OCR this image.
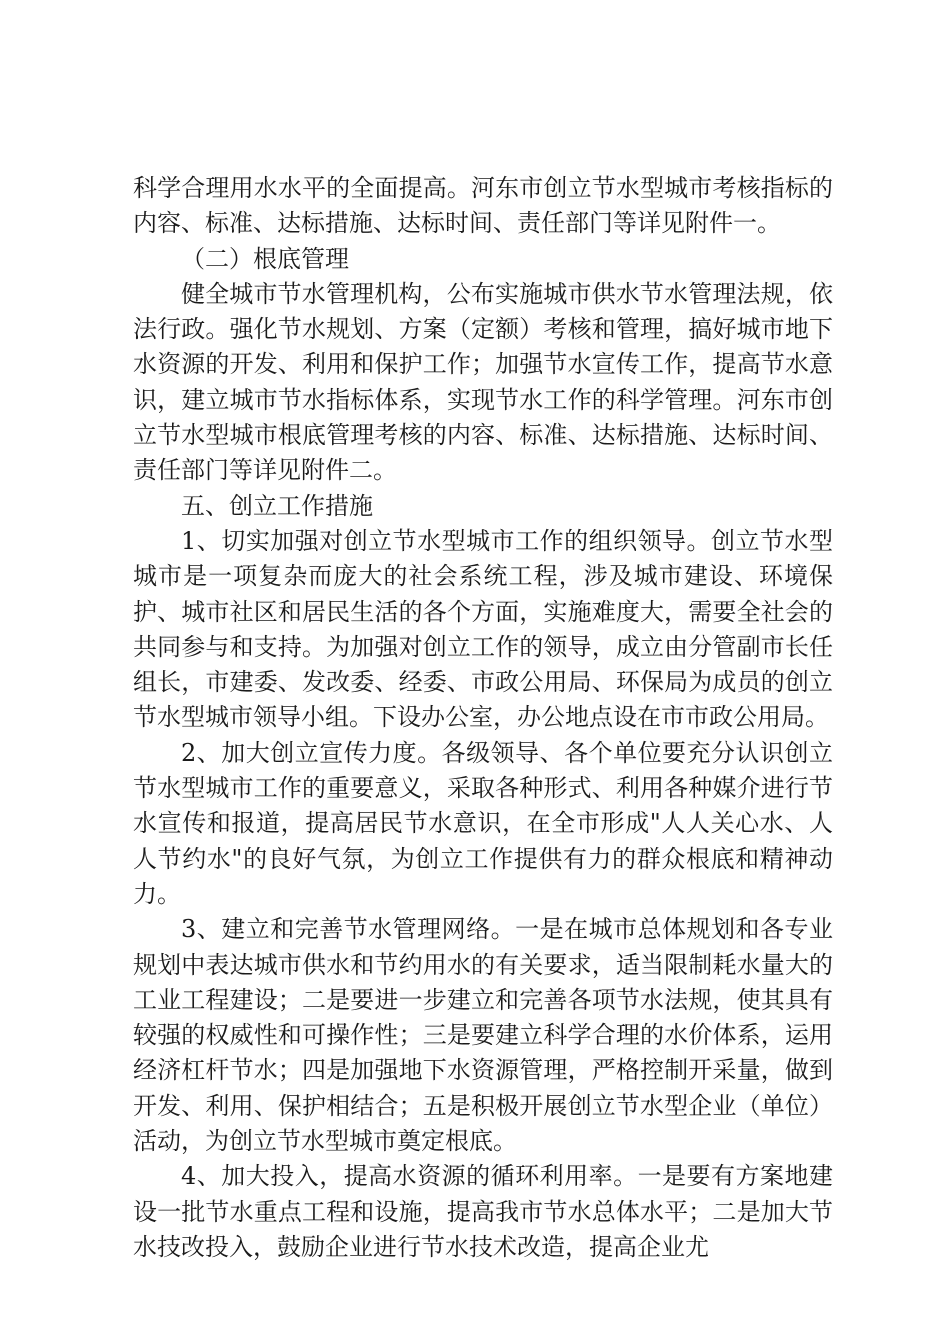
科学合理用水水平的全面提高。河东市创立节水型城市考核指标的内容、标准、达标措施、达标时间、责任部门等详见附件一。

（二）根底管理

健全城市节水管理机构，公布实施城市供水节水管理法规，依法行政。强化节水规划、方案（定额）考核和管理，搞好城市地下水资源的开发、利用和保护工作；加强节水宣传工作，提高节水意识，建立城市节水指标体系，实现节水工作的科学管理。河东市创立节水型城市根底管理考核的内容、标准、达标措施、达标时间、责任部门等详见附件二。

五、创立工作措施

1、切实加强对创立节水型城市工作的组织领导。创立节水型城市是一项复杂而庞大的社会系统工程，涉及城市建设、环境保护、城市社区和居民生活的各个方面，实施难度大，需要全社会的共同参与和支持。为加强对创立工作的领导，成立由分管副市长任组长，市建委、发改委、经委、市政公用局、环保局为成员的创立节水型城市领导小组。下设办公室，办公地点设在市市政公用局。

2、加大创立宣传力度。各级领导、各个单位要充分认识创立节水型城市工作的重要意义，采取各种形式、利用各种媒介进行节水宣传和报道，提高居民节水意识，在全市形成"人人关心水、人人节约水"的良好气氛，为创立工作提供有力的群众根底和精神动力。

3、建立和完善节水管理网络。一是在城市总体规划和各专业规划中表达城市供水和节约用水的有关要求，适当限制耗水量大的工业工程建设；二是要进一步建立和完善各项节水法规，使其具有较强的权威性和可操作性；三是要建立科学合理的水价体系，运用经济杠杆节水；四是加强地下水资源管理，严格控制开采量，做到开发、利用、保护相结合；五是积极开展创立节水型企业（单位）活动，为创立节水型城市奠定根底。

4、加大投入，提高水资源的循环利用率。一是要有方案地建设一批节水重点工程和设施，提高我市节水总体水平；二是加大节水技改投入，鼓励企业进行节水技术改造，提高企业尤
